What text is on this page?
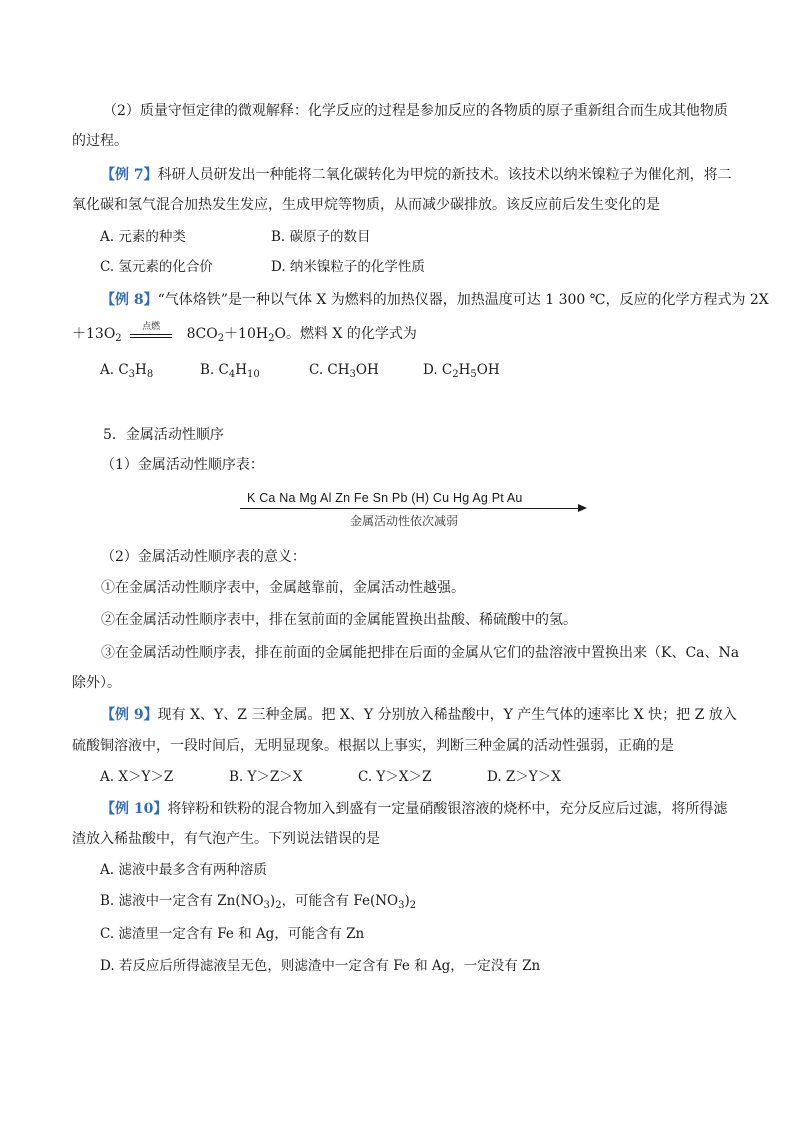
（2）质量守恒定律的微观解释：化学反应的过程是参加反应的各物质的原子重新组合而生成其他物质
的过程。
【例 7】科研人员研发出一种能将二氧化碳转化为甲烷的新技术。该技术以纳米镍粒子为催化剂，将二
氧化碳和氢气混合加热发生发应，生成甲烷等物质，从而减少碳排放。该反应前后发生变化的是
A. 元素的种类	B. 碳原子的数目
C. 氢元素的化合价	D. 纳米镍粒子的化学性质
【例 8】“气体烙铁”是一种以气体 X 为燃料的加热仪器，加热温度可达 1 300 ℃，反应的化学方程式为 2X
$+13O_2$
点燃	$8CO_2+10H_2O$。燃料 X 的化学式为
A. $C_3H_8$	B. $C_4H_{10}$	C. $CH_3OH$	D. $C_2H_5OH$
5．金属活动性顺序
（1）金属活动性顺序表：
K Ca Na Mg Al Zn Fe Sn Pb (H) Cu Hg Ag Pt Au
金属活动性依次减弱
（2）金属活动性顺序表的意义：
①在金属活动性顺序表中，金属越靠前，金属活动性越强。
②在金属活动性顺序表中，排在氢前面的金属能置换出盐酸、稀硫酸中的氢。
③在金属活动性顺序表，排在前面的金属能把排在后面的金属从它们的盐溶液中置换出来（K、Ca、Na
除外）。
【例 9】现有 X、Y、Z 三种金属。把 X、Y 分别放入稀盐酸中，Y 产生气体的速率比 X 快；把 Z 放入
硫酸铜溶液中，一段时间后，无明显现象。根据以上事实，判断三种金属的活动性强弱，正确的是
A. X＞Y＞Z	B. Y＞Z＞X	C. Y＞X＞Z	D. Z＞Y＞X
【例 10】将锌粉和铁粉的混合物加入到盛有一定量硝酸银溶液的烧杯中，充分反应后过滤，将所得滤
渣放入稀盐酸中，有气泡产生。下列说法错误的是
A. 滤液中最多含有两种溶质
B. 滤液中一定含有 $Zn(NO_3)_2$，可能含有 $Fe(NO_3)_2$
C. 滤渣里一定含有 Fe 和 Ag，可能含有 Zn
D. 若反应后所得滤液呈无色，则滤渣中一定含有 Fe 和 Ag，一定没有 Zn
